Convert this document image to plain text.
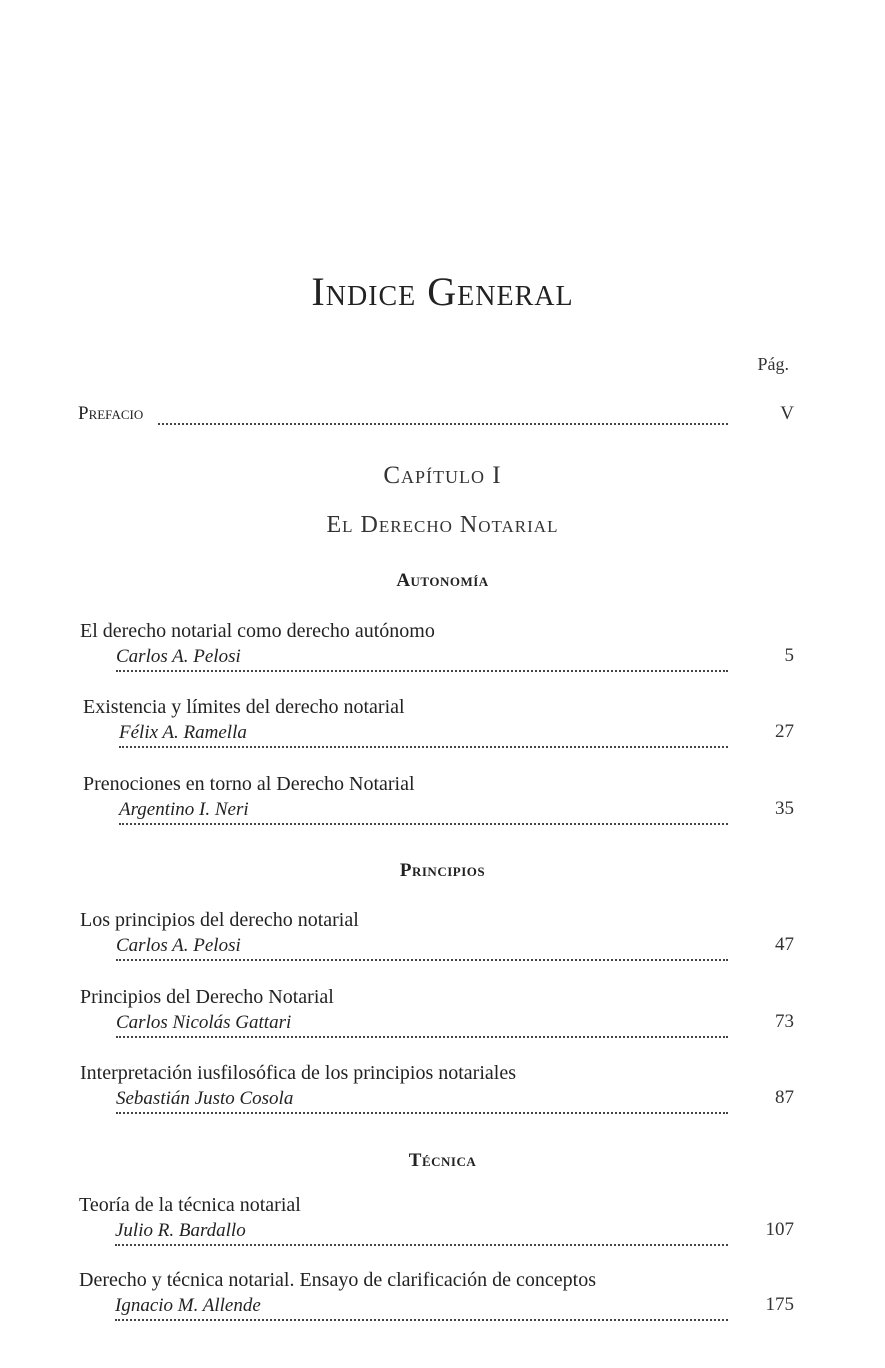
Indice General
Pág.
Prefacio	V
Capítulo I
El Derecho Notarial
Autonomía
El derecho notarial como derecho autónomo
Carlos A. Pelosi	5
Existencia y límites del derecho notarial
Félix A. Ramella	27
Prenociones en torno al Derecho Notarial
Argentino I. Neri	35
Principios
Los principios del derecho notarial
Carlos A. Pelosi	47
Principios del Derecho Notarial
Carlos Nicolás Gattari	73
Interpretación iusfilosófica de los principios notariales
Sebastián Justo Cosola	87
Técnica
Teoría de la técnica notarial
Julio R. Bardallo	107
Derecho y técnica notarial. Ensayo de clarificación de conceptos
Ignacio M. Allende	175
